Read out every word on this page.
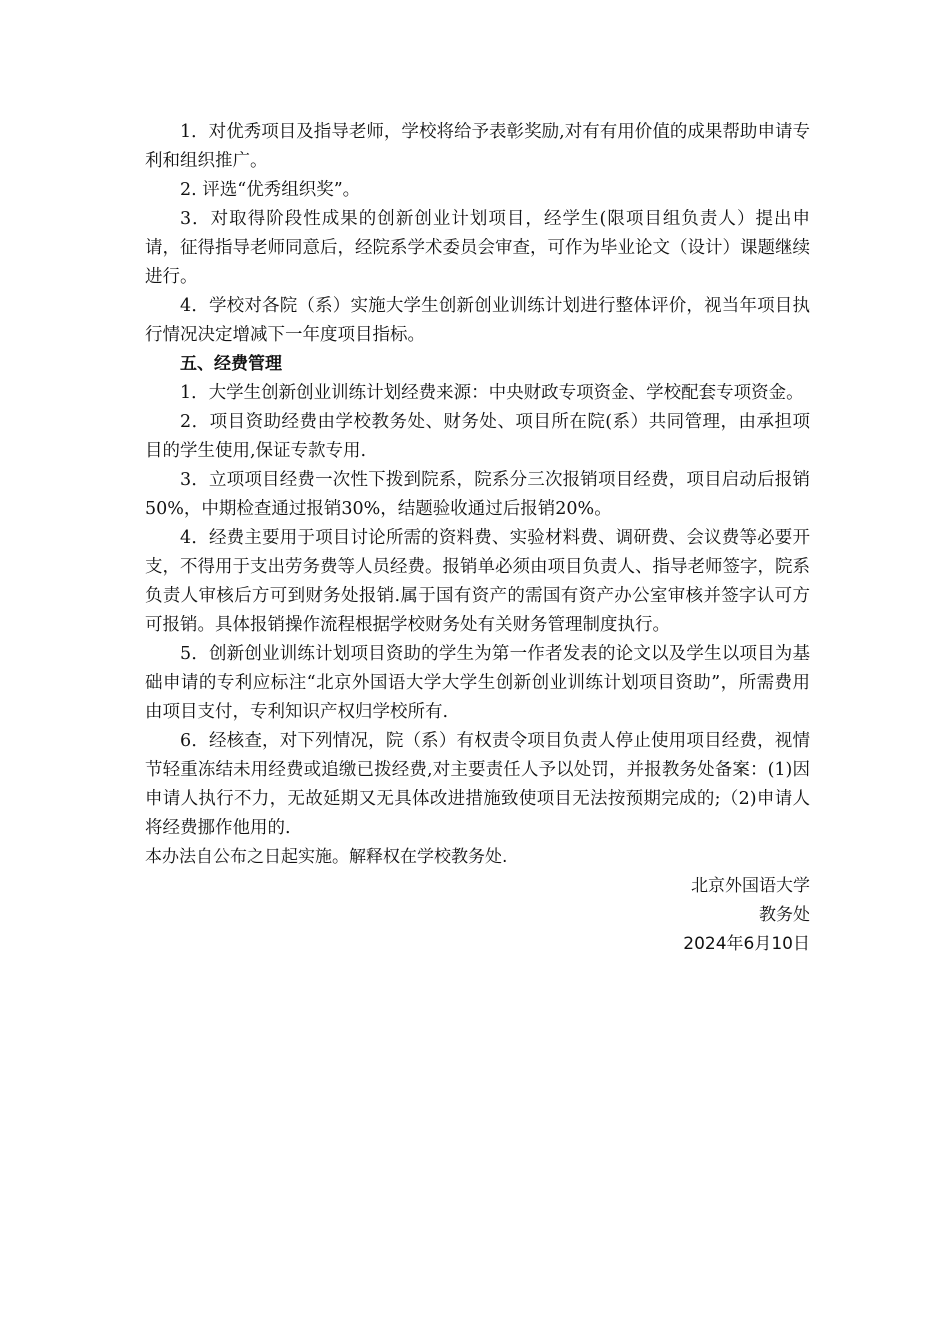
1．对优秀项目及指导老师，学校将给予表彰奖励,对有有用价值的成果帮助申请专利和组织推广。

2. 评选“优秀组织奖”。

3．对取得阶段性成果的创新创业计划项目，经学生(限项目组负责人）提出申请，征得指导老师同意后，经院系学术委员会审查，可作为毕业论文（设计）课题继续进行。

4．学校对各院（系）实施大学生创新创业训练计划进行整体评价，视当年项目执行情况决定增减下一年度项目指标。

五、经费管理

1．大学生创新创业训练计划经费来源：中央财政专项资金、学校配套专项资金。

2．项目资助经费由学校教务处、财务处、项目所在院(系）共同管理，由承担项目的学生使用,保证专款专用.

3．立项项目经费一次性下拨到院系，院系分三次报销项目经费，项目启动后报销50%，中期检查通过报销30%，结题验收通过后报销20%。

4．经费主要用于项目讨论所需的资料费、实验材料费、调研费、会议费等必要开支，不得用于支出劳务费等人员经费。报销单必须由项目负责人、指导老师签字，院系负责人审核后方可到财务处报销.属于国有资产的需国有资产办公室审核并签字认可方可报销。具体报销操作流程根据学校财务处有关财务管理制度执行。

5．创新创业训练计划项目资助的学生为第一作者发表的论文以及学生以项目为基础申请的专利应标注“北京外国语大学大学生创新创业训练计划项目资助”，所需费用由项目支付，专利知识产权归学校所有.

6．经核查，对下列情况，院（系）有权责令项目负责人停止使用项目经费，视情节轻重冻结未用经费或追缴已拨经费,对主要责任人予以处罚，并报教务处备案：(1)因申请人执行不力，无故延期又无具体改进措施致使项目无法按预期完成的;（2)申请人将经费挪作他用的.

本办法自公布之日起实施。解释权在学校教务处.

北京外国语大学

教务处

2024年6月10日
